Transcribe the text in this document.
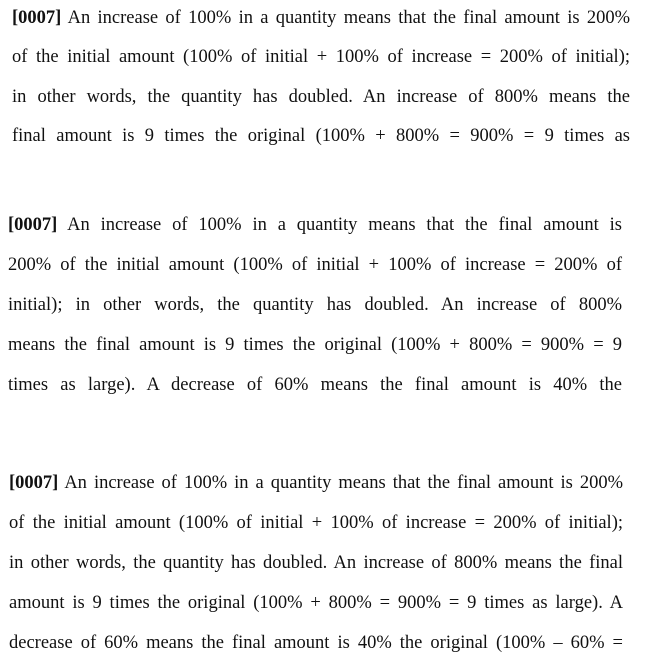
[0007] An increase of 100% in a quantity means that the final amount is 200%
of the initial amount (100% of initial + 100% of increase = 200% of initial);
in other words, the quantity has doubled. An increase of 800% means the
final amount is 9 times the original (100% + 800% = 900% = 9 times as
[0007] An increase of 100% in a quantity means that the final amount is
200% of the initial amount (100% of initial + 100% of increase = 200% of
initial); in other words, the quantity has doubled. An increase of 800%
means the final amount is 9 times the original (100% + 800% = 900% = 9
times as large). A decrease of 60% means the final amount is 40% the
[0007] An increase of 100% in a quantity means that the final amount is 200%
of the initial amount (100% of initial + 100% of increase = 200% of initial);
in other words, the quantity has doubled. An increase of 800% means the final
amount is 9 times the original (100% + 800% = 900% = 9 times as large). A
decrease of 60% means the final amount is 40% the original (100% – 60% =
